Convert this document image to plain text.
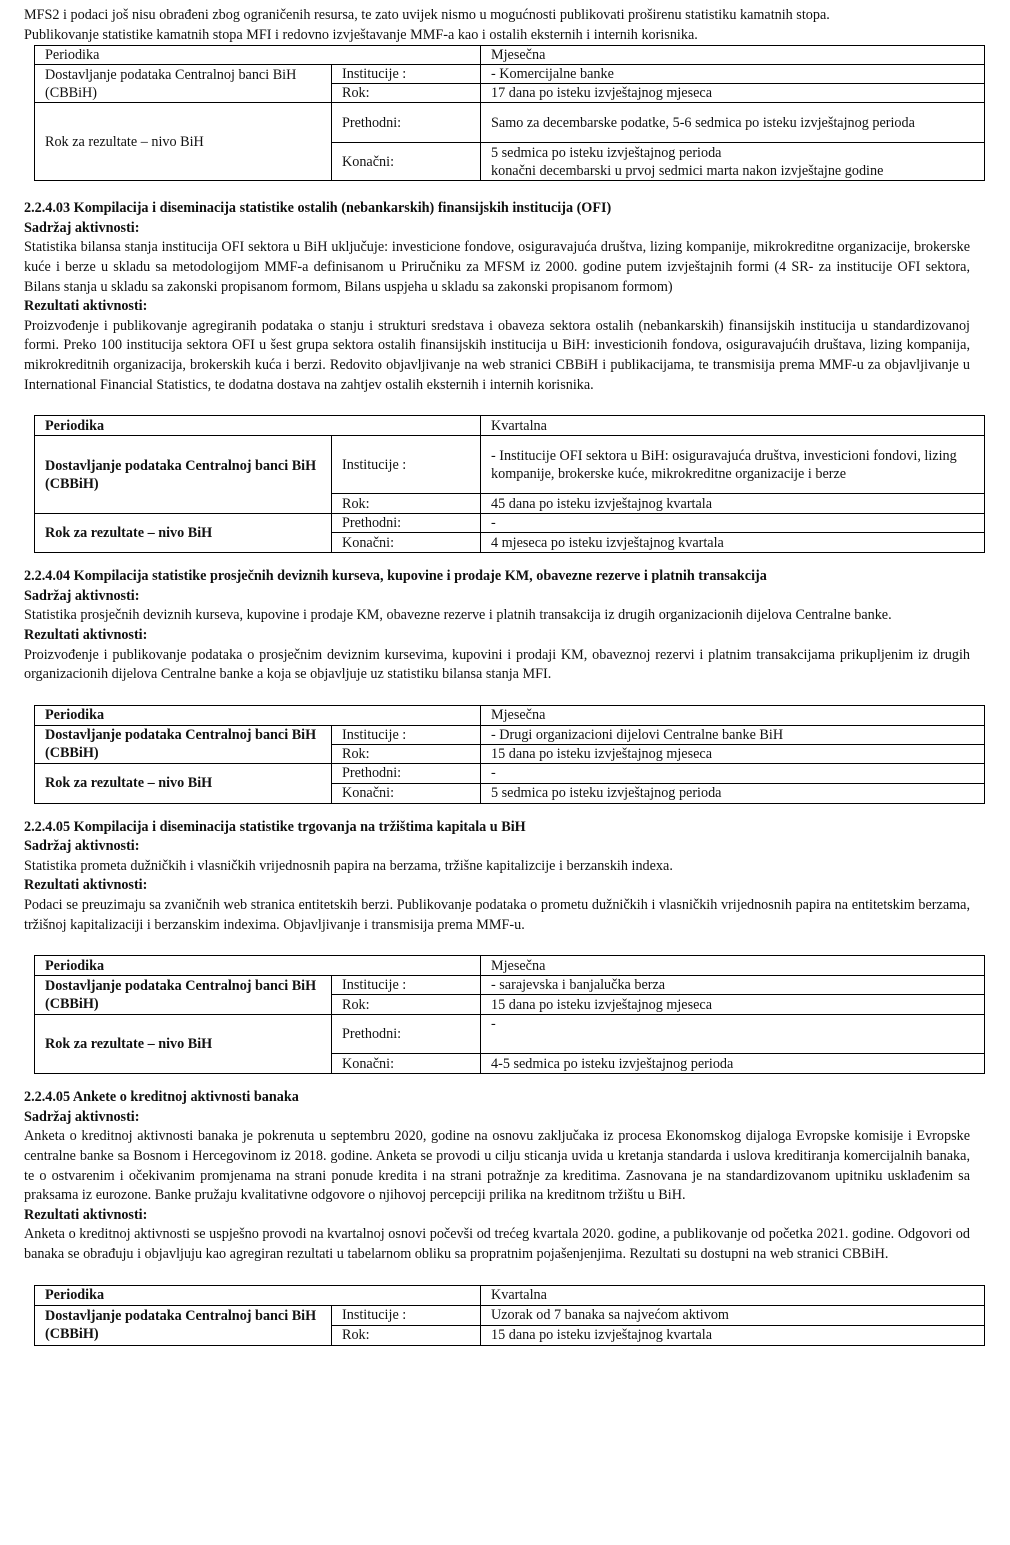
MFS2 i podaci još nisu obrađeni zbog ograničenih resursa, te zato uvijek nismo u mogućnosti publikovati proširenu statistiku kamatnih stopa.

Publikovanje statistike kamatnih stopa MFI i redovno izvještavanje MMF-a kao i ostalih eksternih i internih korisnika.

Periodika		Mjesečna
Dostavljanje podataka Centralnoj banci BiH (CBBiH)	Institucije :	- Komercijalne banke
	Rok:	17 dana po isteku izvještajnog mjeseca
Rok za rezultate – nivo BiH	Prethodni:	Samo za decembarske podatke, 5-6 sedmica po isteku izvještajnog perioda
	Konačni:	5 sedmica po isteku izvještajnog perioda
konačni decembarski u prvoj sedmici marta nakon izvještajne godine

2.2.4.03 Kompilacija i diseminacija statistike ostalih (nebankarskih) finansijskih institucija (OFI)

Sadržaj aktivnosti:

Statistika bilansa stanja institucija OFI sektora u BiH uključuje: investicione fondove, osiguravajuća društva, lizing kompanije, mikrokreditne organizacije, brokerske kuće i berze u skladu sa metodologijom MMF-a definisanom u Priručniku za MFSM iz 2000. godine putem izvještajnih formi (4 SR- za institucije OFI sektora, Bilans stanja u skladu sa zakonski propisanom formom, Bilans uspjeha u skladu sa zakonski propisanom formom)

Rezultati aktivnosti:

Proizvođenje i publikovanje agregiranih podataka o stanju i strukturi sredstava i obaveza sektora ostalih (nebankarskih) finansijskih institucija u standardizovanoj formi. Preko 100 institucija sektora OFI u šest grupa sektora ostalih finansijskih institucija u BiH: investicionih fondova, osiguravajućih društava, lizing kompanija, mikrokreditnih organizacija, brokerskih kuća i berzi. Redovito objavljivanje na web stranici CBBiH i publikacijama, te transmisija prema MMF-u za objavljivanje u International Financial Statistics, te dodatna dostava na zahtjev ostalih eksternih i internih korisnika.

Periodika		Kvartalna
Dostavljanje podataka Centralnoj banci BiH (CBBiH)	Institucije :	- Institucije OFI sektora u BiH: osiguravajuća društva, investicioni fondovi, lizing kompanije, brokerske kuće, mikrokreditne organizacije i berze
	Rok:	45 dana po isteku izvještajnog kvartala
Rok za rezultate – nivo BiH	Prethodni:	-
	Konačni:	4 mjeseca po isteku izvještajnog kvartala

2.2.4.04 Kompilacija statistike prosječnih deviznih kurseva, kupovine i prodaje KM, obavezne rezerve i platnih transakcija

Sadržaj aktivnosti:

Statistika prosječnih deviznih kurseva, kupovine i prodaje KM, obavezne rezerve i platnih transakcija iz drugih organizacionih dijelova Centralne banke.

Rezultati aktivnosti:

Proizvođenje i publikovanje podataka o prosječnim deviznim kursevima, kupovini i prodaji KM, obaveznoj rezervi i platnim transakcijama prikupljenim iz drugih organizacionih dijelova Centralne banke a koja se objavljuje uz statistiku bilansa stanja MFI.

Periodika		Mjesečna
Dostavljanje podataka Centralnoj banci BiH (CBBiH)	Institucije :	- Drugi organizacioni dijelovi Centralne banke BiH
	Rok:	15 dana po isteku izvještajnog mjeseca
Rok za rezultate – nivo BiH	Prethodni:	-
	Konačni:	5 sedmica po isteku izvještajnog perioda

2.2.4.05 Kompilacija i diseminacija statistike trgovanja na tržištima kapitala u BiH

Sadržaj aktivnosti:

Statistika prometa dužničkih i vlasničkih vrijednosnih papira na berzama, tržišne kapitalizcije i berzanskih indexa.

Rezultati aktivnosti:

Podaci se preuzimaju sa zvaničnih web stranica entitetskih berzi. Publikovanje podataka o prometu dužničkih i vlasničkih vrijednosnih papira na entitetskim berzama, tržišnoj kapitalizaciji i berzanskim indexima. Objavljivanje i transmisija prema MMF-u.

Periodika		Mjesečna
Dostavljanje podataka Centralnoj banci BiH (CBBiH)	Institucije :	- sarajevska i banjalučka berza
	Rok:	15 dana po isteku izvještajnog mjeseca
Rok za rezultate – nivo BiH	Prethodni:	-
	Konačni:	4-5 sedmica po isteku izvještajnog perioda

2.2.4.05 Ankete o kreditnoj aktivnosti banaka

Sadržaj aktivnosti:

Anketa o kreditnoj aktivnosti banaka je pokrenuta u septembru 2020, godine na osnovu zaključaka iz procesa Ekonomskog dijaloga Evropske komisije i Evropske centralne banke sa Bosnom i Hercegovinom iz 2018. godine. Anketa se provodi u cilju sticanja uvida u kretanja standarda i uslova kreditiranja komercijalnih banaka, te o ostvarenim i očekivanim promjenama na strani ponude kredita i na strani potražnje za kreditima. Zasnovana je na standardizovanom upitniku usklađenim sa praksama iz eurozone. Banke pružaju kvalitativne odgovore o njihovoj percepciji prilika na kreditnom tržištu u BiH.

Rezultati aktivnosti:

Anketa o kreditnoj aktivnosti se uspješno provodi na kvartalnoj osnovi počevši od trećeg kvartala 2020. godine, a publikovanje od početka 2021. godine. Odgovori od banaka se obrađuju i objavljuju kao agregiran rezultati u tabelarnom obliku sa propratnim pojašenjenjima. Rezultati su dostupni na web stranici CBBiH.

Periodika		Kvartalna
Dostavljanje podataka Centralnoj banci BiH (CBBiH)	Institucije :	Uzorak od 7 banaka sa najvećom aktivom
	Rok:	15 dana po isteku izvještajnog kvartala
